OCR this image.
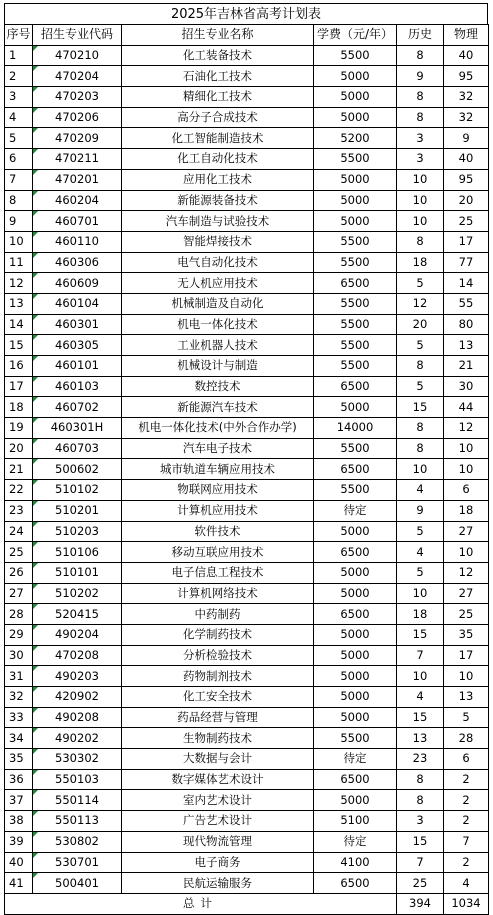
2025年吉林省高考计划表
序号	招生专业代码	招生专业名称	学费（元/年）	历史	物理
1	470210	化工装备技术	5500	8	40
2	470204	石油化工技术	5000	9	95
3	470203	精细化工技术	5000	8	32
4	470206	高分子合成技术	5000	8	32
5	470209	化工智能制造技术	5200	3	9
6	470211	化工自动化技术	5500	3	40
7	470201	应用化工技术	5000	10	95
8	460204	新能源装备技术	5000	10	20
9	460701	汽车制造与试验技术	5000	10	25
10	460110	智能焊接技术	5500	8	17
11	460306	电气自动化技术	5500	18	77
12	460609	无人机应用技术	6500	5	14
13	460104	机械制造及自动化	5500	12	55
14	460301	机电一体化技术	5500	20	80
15	460305	工业机器人技术	5500	5	13
16	460101	机械设计与制造	5500	8	21
17	460103	数控技术	6500	5	30
18	460702	新能源汽车技术	5000	15	44
19	460301H	机电一体化技术(中外合作办学)	14000	8	12
20	460703	汽车电子技术	5500	8	10
21	500602	城市轨道车辆应用技术	6500	10	10
22	510102	物联网应用技术	5500	4	6
23	510201	计算机应用技术	待定	9	18
24	510203	软件技术	5000	5	27
25	510106	移动互联应用技术	6500	4	10
26	510101	电子信息工程技术	5000	5	12
27	510202	计算机网络技术	5000	10	27
28	520415	中药制药	6500	18	25
29	490204	化学制药技术	5000	15	35
30	470208	分析检验技术	5000	7	17
31	490203	药物制剂技术	5000	10	10
32	420902	化工安全技术	5000	4	13
33	490208	药品经营与管理	5000	15	5
34	490202	生物制药技术	5500	13	28
35	530302	大数据与会计	待定	23	6
36	550103	数字媒体艺术设计	6500	8	2
37	550114	室内艺术设计	5000	8	2
38	550113	广告艺术设计	5100	3	2
39	530802	现代物流管理	待定	15	7
40	530701	电子商务	4100	7	2
41	500401	民航运输服务	6500	25	4
总计				394	1034
